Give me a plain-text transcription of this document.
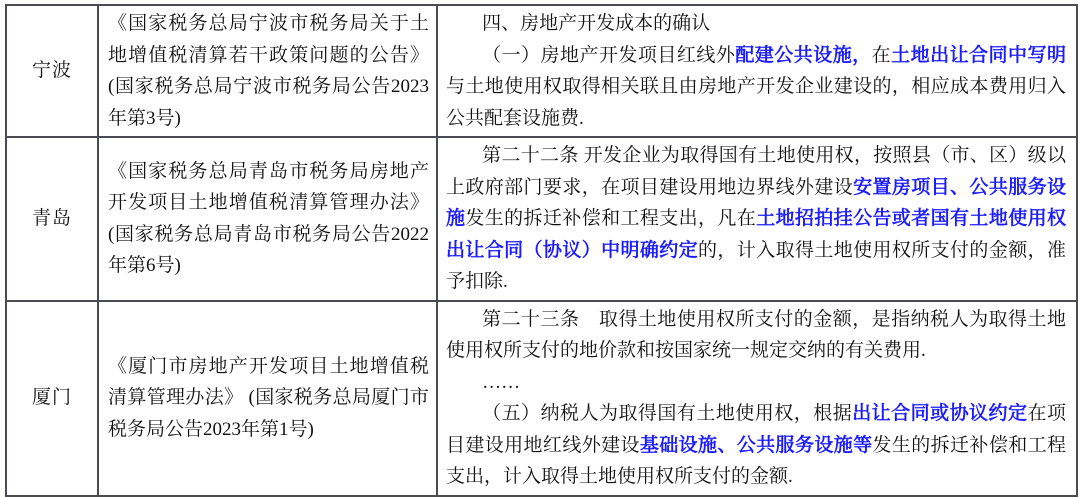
宁波	《国家税务总局宁波市税务局关于土地增值税清算若干政策问题的公告》 (国家税务总局宁波市税务局公告2023年第3号)	四、房地产开发成本的确认
（一）房地产开发项目红线外配建公共设施，在土地出让合同中写明与土地使用权取得相关联且由房地产开发企业建设的，相应成本费用归入公共配套设施费.

青岛	《国家税务总局青岛市税务局房地产开发项目土地增值税清算管理办法》 (国家税务总局青岛市税务局公告2022年第6号)	第二十二条 开发企业为取得国有土地使用权，按照县（市、区）级以上政府部门要求，在项目建设用地边界线外建设安置房项目、公共服务设施发生的拆迁补偿和工程支出，凡在土地招拍挂公告或者国有土地使用权出让合同（协议）中明确约定的，计入取得土地使用权所支付的金额，准予扣除.

厦门	《厦门市房地产开发项目土地增值税清算管理办法》 (国家税务总局厦门市税务局公告2023年第1号)	第二十三条　取得土地使用权所支付的金额，是指纳税人为取得土地使用权所支付的地价款和按国家统一规定交纳的有关费用.
……
（五）纳税人为取得国有土地使用权，根据出让合同或协议约定在项目建设用地红线外建设基础设施、公共服务设施等发生的拆迁补偿和工程支出，计入取得土地使用权所支付的金额.
